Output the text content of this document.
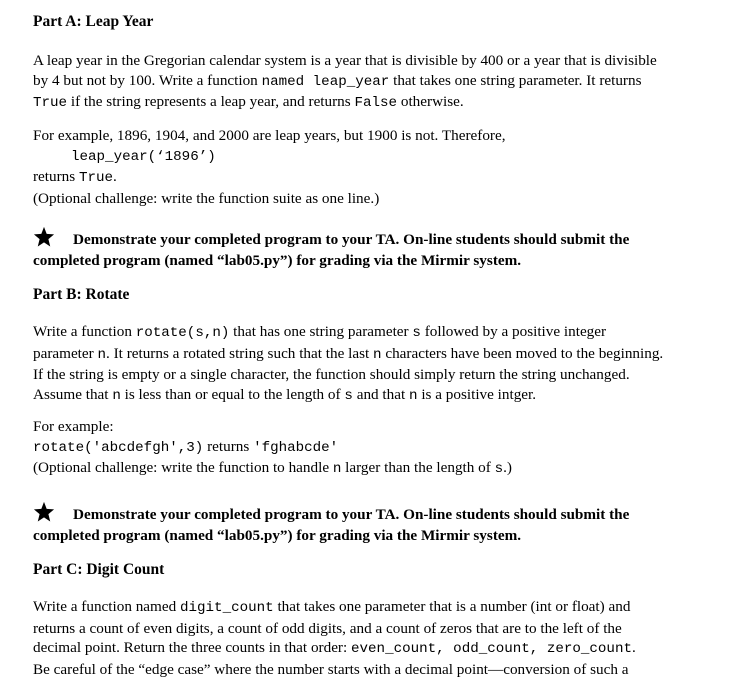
Part A: Leap Year
A leap year in the Gregorian calendar system is a year that is divisible by 400 or a year that is divisible
by 4 but not by 100. Write a function named leap_year that takes one string parameter. It returns
True if the string represents a leap year, and returns False otherwise.
For example, 1896, 1904, and 2000 are leap years, but 1900 is not. Therefore,
leap_year(‘1896’)
returns True.
(Optional challenge: write the function suite as one line.)
Demonstrate your completed program to your TA. On-line students should submit the
completed program (named “lab05.py”) for grading via the Mirmir system.
Part B: Rotate
Write a function rotate(s,n) that has one string parameter s followed by a positive integer
parameter n. It returns a rotated string such that the last n characters have been moved to the beginning.
If the string is empty or a single character, the function should simply return the string unchanged.
Assume that n is less than or equal to the length of s and that n is a positive intger.
For example:
rotate('abcdefgh',3) returns 'fghabcde'
(Optional challenge: write the function to handle n larger than the length of s.)
Demonstrate your completed program to your TA. On-line students should submit the
completed program (named “lab05.py”) for grading via the Mirmir system.
Part C: Digit Count
Write a function named digit_count that takes one parameter that is a number (int or float) and
returns a count of even digits, a count of odd digits, and a count of zeros that are to the left of the
decimal point. Return the three counts in that order: even_count, odd_count, zero_count.
Be careful of the “edge case” where the number starts with a decimal point—conversion of such a
